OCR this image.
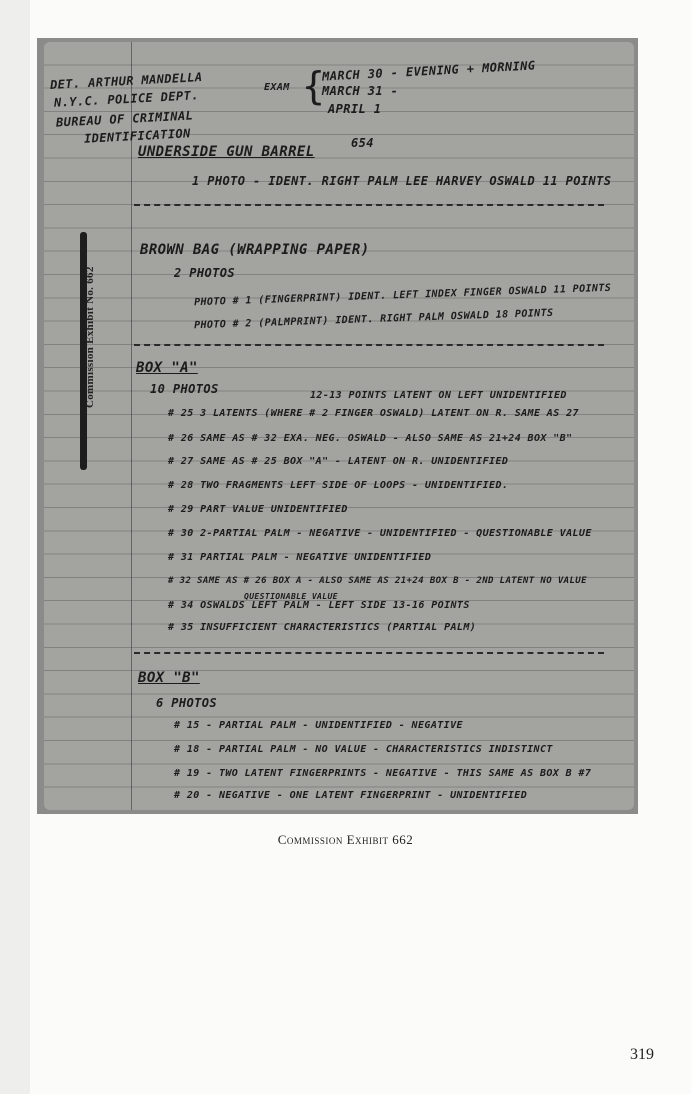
DET. ARTHUR MANDELLA
N.Y.C. POLICE DEPT.
BUREAU OF CRIMINAL
IDENTIFICATION
EXAM {
MARCH 30 - EVENING + MORNING
MARCH 31 -
APRIL 1
Commission Exhibit No. 662
UNDERSIDE GUN BARREL
654
1 PHOTO - IDENT. RIGHT PALM LEE HARVEY OSWALD 11 POINTS
BROWN BAG (WRAPPING PAPER)
2 PHOTOS
PHOTO # 1 (FINGERPRINT) IDENT. LEFT INDEX FINGER OSWALD 11 POINTS
PHOTO # 2 (PALMPRINT) IDENT. RIGHT PALM OSWALD 18 POINTS
BOX "A"
10 PHOTOS	12-13 POINTS LATENT ON LEFT UNIDENTIFIED
# 25 3 LATENTS (WHERE # 2 FINGER OSWALD) LATENT ON R. SAME AS 27
# 26 SAME AS # 32 EXA. NEG. OSWALD - ALSO SAME AS 21+24 BOX "B"
# 27 SAME AS # 25 BOX "A" - LATENT ON R. UNIDENTIFIED
# 28 TWO FRAGMENTS LEFT SIDE OF LOOPS - UNIDENTIFIED.
# 29 PART VALUE UNIDENTIFIED
# 30 2-PARTIAL PALM - NEGATIVE - UNIDENTIFIED - QUESTIONABLE VALUE
# 31 PARTIAL PALM - NEGATIVE UNIDENTIFIED
# 32 SAME AS # 26 BOX A - ALSO SAME AS 21+24 BOX B - 2ND LATENT NO VALUE
QUESTIONABLE VALUE
# 34 OSWALDS LEFT PALM - LEFT SIDE 13-16 POINTS
# 35 INSUFFICIENT CHARACTERISTICS (PARTIAL PALM)
BOX "B"
6 PHOTOS
# 15 - PARTIAL PALM - UNIDENTIFIED - NEGATIVE
# 18 - PARTIAL PALM - NO VALUE - CHARACTERISTICS INDISTINCT
# 19 - TWO LATENT FINGERPRINTS - NEGATIVE - THIS SAME AS BOX B #7
# 20 - NEGATIVE - ONE LATENT FINGERPRINT - UNIDENTIFIED
Commission Exhibit 662
319
